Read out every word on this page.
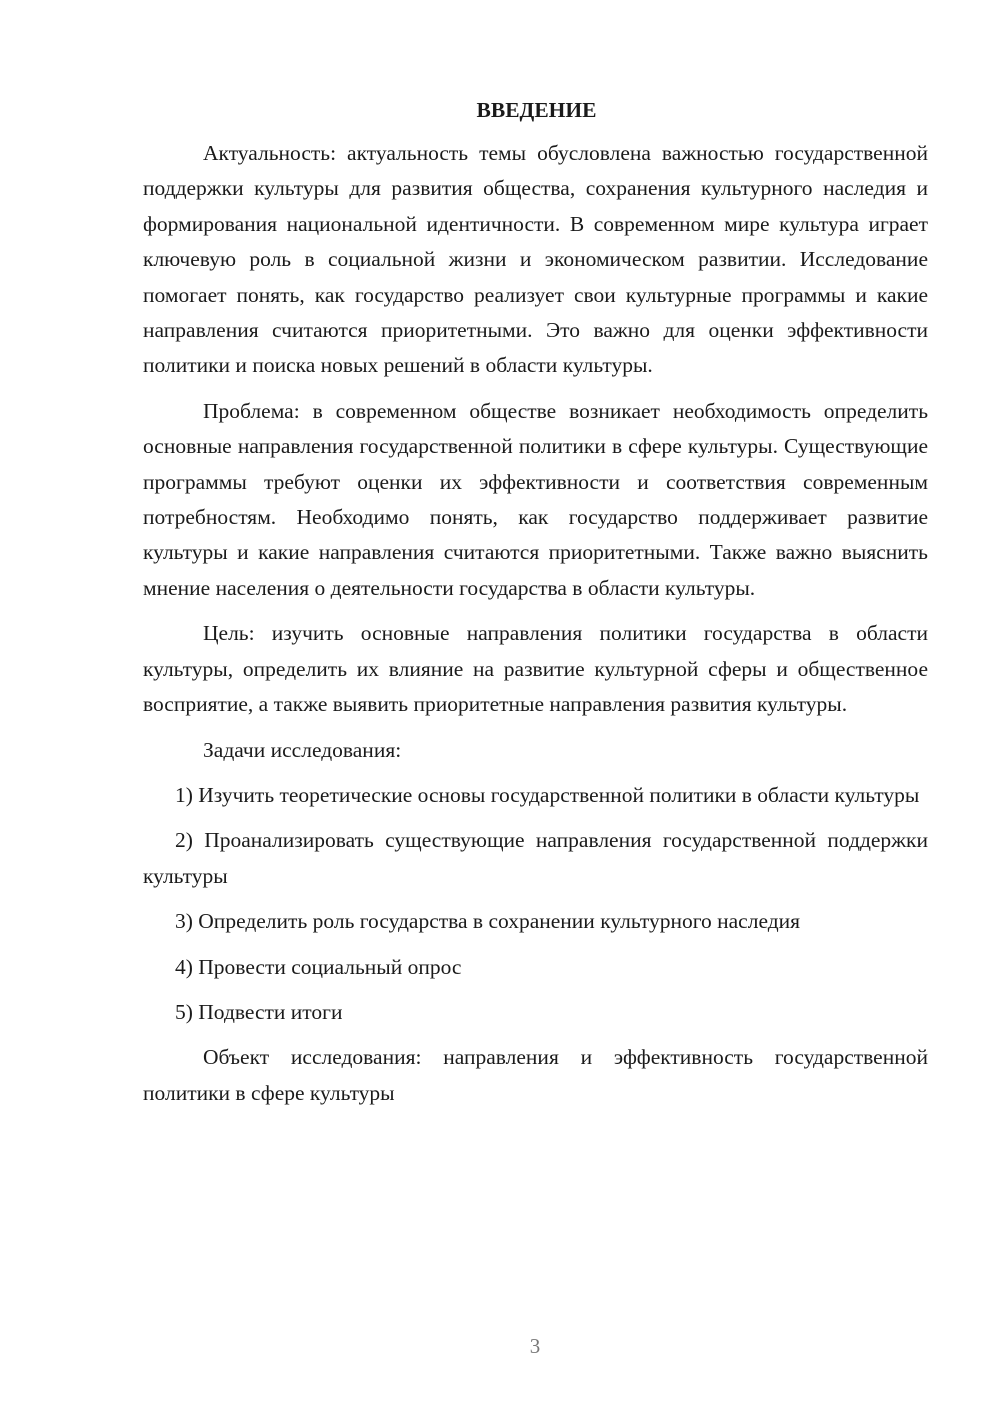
ВВЕДЕНИЕ

Актуальность: актуальность темы обусловлена важностью государственной поддержки культуры для развития общества, сохранения культурного наследия и формирования национальной идентичности. В современном мире культура играет ключевую роль в социальной жизни и экономическом развитии. Исследование помогает понять, как государство реализует свои культурные программы и какие направления считаются приоритетными. Это важно для оценки эффективности политики и поиска новых решений в области культуры.

Проблема: в современном обществе возникает необходимость определить основные направления государственной политики в сфере культуры. Существующие программы требуют оценки их эффективности и соответствия современным потребностям. Необходимо понять, как государство поддерживает развитие культуры и какие направления считаются приоритетными. Также важно выяснить мнение населения о деятельности государства в области культуры.

Цель: изучить основные направления политики государства в области культуры, определить их влияние на развитие культурной сферы и общественное восприятие, а также выявить приоритетные направления развития культуры.

Задачи исследования:

1) Изучить теоретические основы государственной политики в области культуры

2) Проанализировать существующие направления государственной поддержки культуры

3) Определить роль государства в сохранении культурного наследия

4) Провести социальный опрос

5) Подвести итоги

Объект исследования: направления и эффективность государственной политики в сфере культуры

3
